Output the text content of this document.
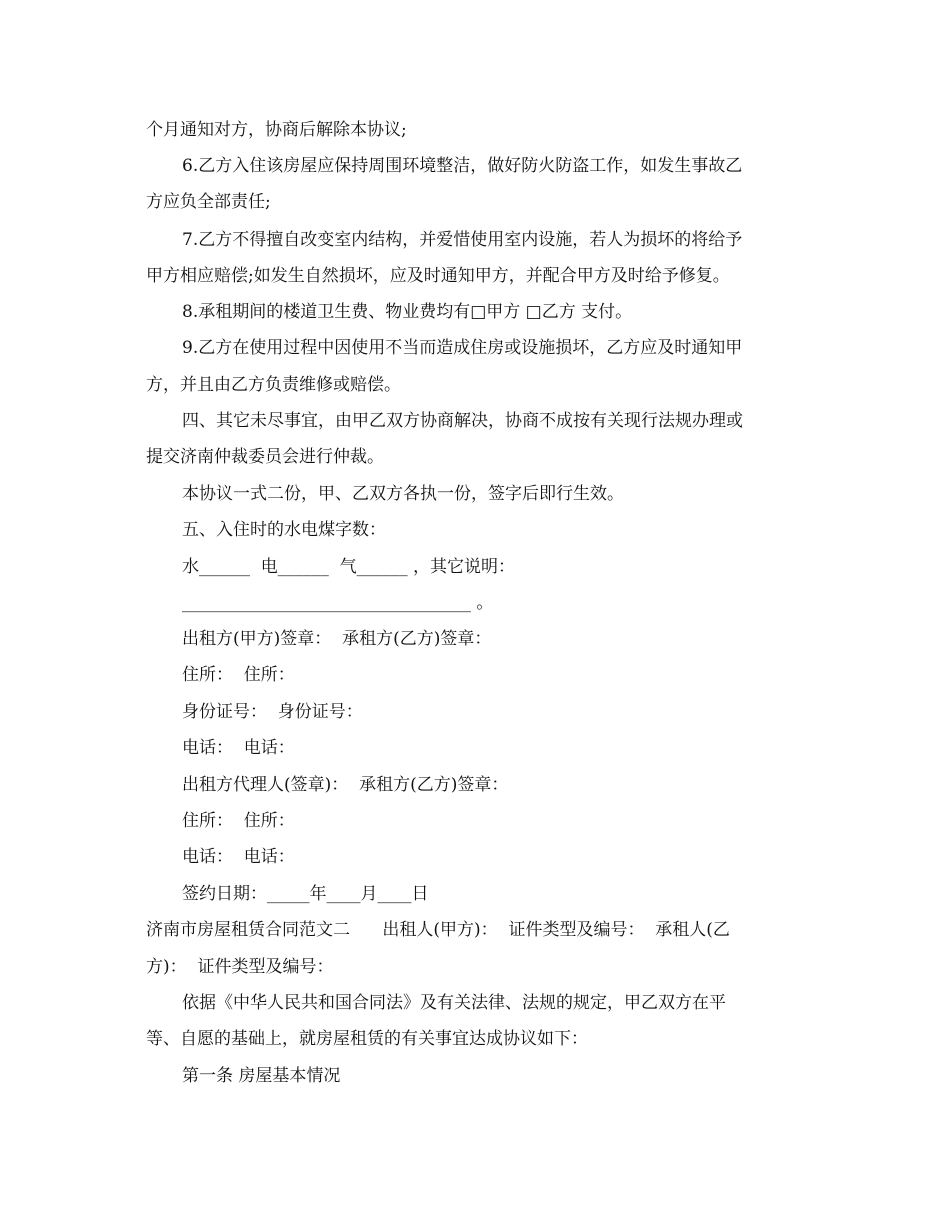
个月通知对方，协商后解除本协议;
6.乙方入住该房屋应保持周围环境整洁，做好防火防盗工作，如发生事故乙
方应负全部责任;
7.乙方不得擅自改变室内结构，并爱惜使用室内设施，若人为损坏的将给予
甲方相应赔偿;如发生自然损坏，应及时通知甲方，并配合甲方及时给予修复。
8.承租期间的楼道卫生费、物业费均有□甲方 □乙方 支付。
9.乙方在使用过程中因使用不当而造成住房或设施损坏，乙方应及时通知甲
方，并且由乙方负责维修或赔偿。
四、其它未尽事宜，由甲乙双方协商解决，协商不成按有关现行法规办理或
提交济南仲裁委员会进行仲裁。
本协议一式二份，甲、乙双方各执一份，签字后即行生效。
五、入住时的水电煤字数：
水______  电______  气______ ，其它说明：
__________________________________ 。
出租方(甲方)签章：  承租方(乙方)签章：
住所：  住所：
身份证号：  身份证号：
电话：  电话：
出租方代理人(签章)：  承租方(乙方)签章：
住所：  住所：
电话：  电话：
签约日期：_____年____月____日
济南市房屋租赁合同范文二      出租人(甲方)：  证件类型及编号：  承租人(乙
方)：  证件类型及编号：
依据《中华人民共和国合同法》及有关法律、法规的规定，甲乙双方在平
等、自愿的基础上，就房屋租赁的有关事宜达成协议如下：
第一条 房屋基本情况
